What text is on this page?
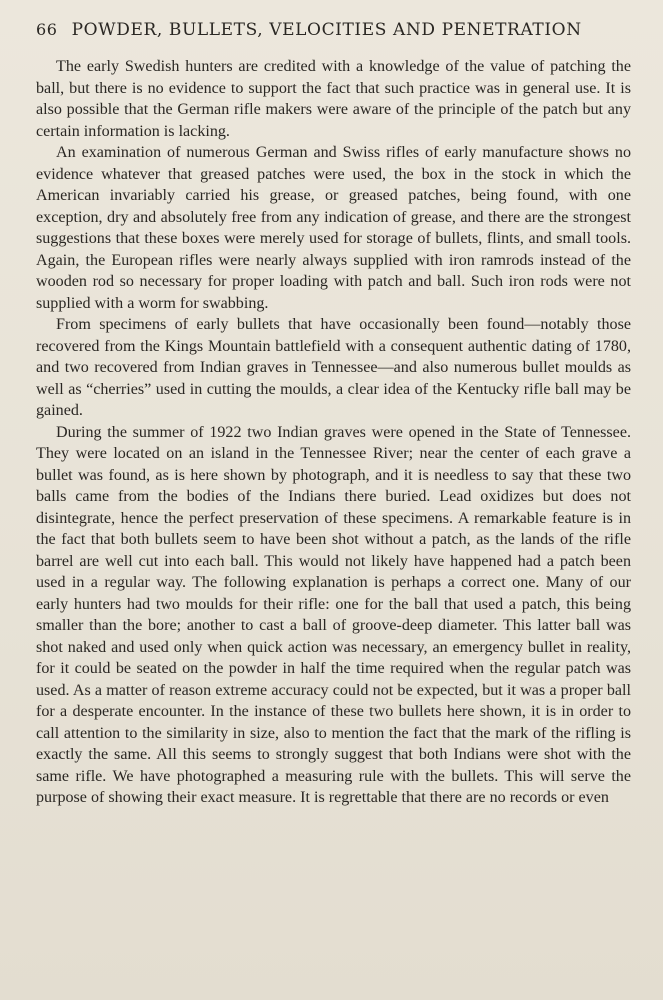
66 POWDER, BULLETS, VELOCITIES AND PENETRATION

The early Swedish hunters are credited with a knowledge of the value of patching the ball, but there is no evidence to support the fact that such practice was in general use. It is also possible that the German rifle makers were aware of the principle of the patch but any certain information is lacking.

An examination of numerous German and Swiss rifles of early manufacture shows no evidence whatever that greased patches were used, the box in the stock in which the American invariably carried his grease, or greased patches, being found, with one exception, dry and absolutely free from any indication of grease, and there are the strongest suggestions that these boxes were merely used for storage of bullets, flints, and small tools. Again, the European rifles were nearly always supplied with iron ramrods instead of the wooden rod so necessary for proper loading with patch and ball. Such iron rods were not supplied with a worm for swabbing.

From specimens of early bullets that have occasionally been found—notably those recovered from the Kings Mountain battlefield with a consequent authentic dating of 1780, and two recovered from Indian graves in Tennessee—and also numerous bullet moulds as well as “cherries” used in cutting the moulds, a clear idea of the Kentucky rifle ball may be gained.

During the summer of 1922 two Indian graves were opened in the State of Tennessee. They were located on an island in the Tennessee River; near the center of each grave a bullet was found, as is here shown by photograph, and it is needless to say that these two balls came from the bodies of the Indians there buried. Lead oxidizes but does not disintegrate, hence the perfect preservation of these specimens. A remarkable feature is in the fact that both bullets seem to have been shot without a patch, as the lands of the rifle barrel are well cut into each ball. This would not likely have happened had a patch been used in a regular way. The following explanation is perhaps a correct one. Many of our early hunters had two moulds for their rifle: one for the ball that used a patch, this being smaller than the bore; another to cast a ball of groove-deep diameter. This latter ball was shot naked and used only when quick action was necessary, an emergency bullet in reality, for it could be seated on the powder in half the time required when the regular patch was used. As a matter of reason extreme accuracy could not be expected, but it was a proper ball for a desperate encounter. In the instance of these two bullets here shown, it is in order to call attention to the similarity in size, also to mention the fact that the mark of the rifling is exactly the same. All this seems to strongly suggest that both Indians were shot with the same rifle. We have photographed a measuring rule with the bullets. This will serve the purpose of showing their exact measure. It is regrettable that there are no records or even
